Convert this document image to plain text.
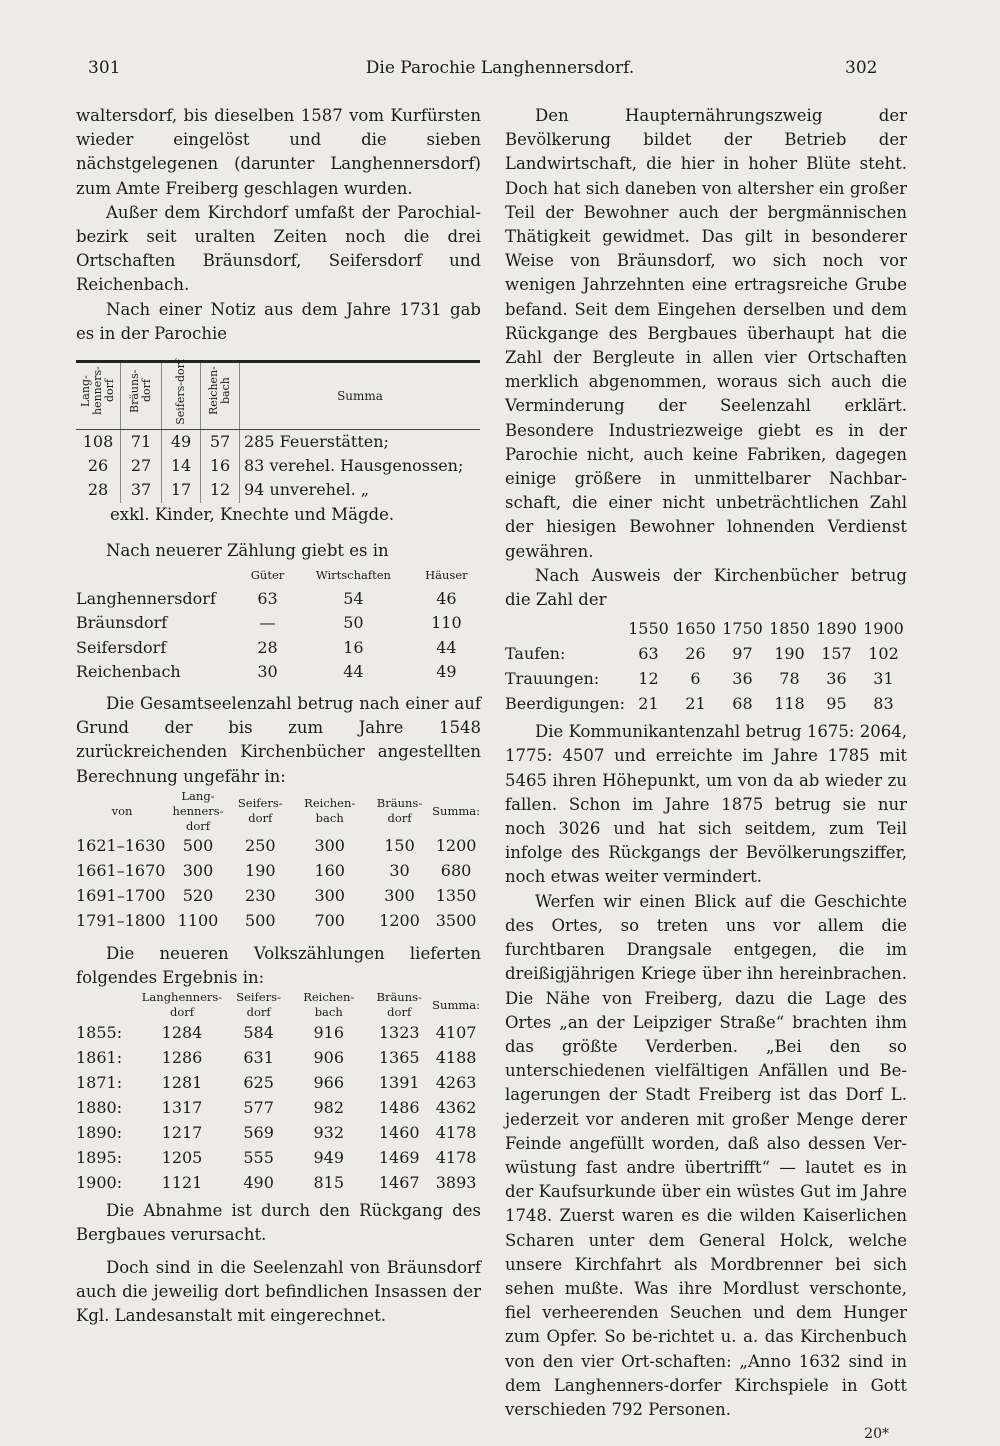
301	Die Parochie Langhennersdorf.	302

waltersdorf, bis dieselben 1587 vom Kurfürsten wieder eingelöst und die sieben nächstgelegenen (darunter Langhennersdorf) zum Amte Freiberg geschlagen wurden.

Außer dem Kirchdorf umfaßt der Parochial-bezirk seit uralten Zeiten noch die drei Ortschaften Bräunsdorf, Seifersdorf und Reichenbach.

Nach einer Notiz aus dem Jahre 1731 gab es in der Parochie

Lang-henners-dorf	Bräuns-dorf	Seifers-dorf	Reichen-bach	Summa
108	71	49	57	285 Feuerstätten;
26	27	14	16	83 verehel. Hausgenossen;
28	37	17	12	94 unverehel. „

exkl. Kinder, Knechte und Mägde.

Nach neuerer Zählung giebt es in

	Güter	Wirtschaften	Häuser
Langhennersdorf	63	54	46
Bräunsdorf	—	50	110
Seifersdorf	28	16	44
Reichenbach	30	44	49

Die Gesamtseelenzahl betrug nach einer auf Grund der bis zum Jahre 1548 zurückreichenden Kirchenbücher angestellten Berechnung ungefähr in:

von	Lang-henners-dorf	Seifers-dorf	Reichen-bach	Bräuns-dorf	Summa:
1621–1630	500	250	300	150	1200
1661–1670	300	190	160	30	680
1691–1700	520	230	300	300	1350
1791–1800	1100	500	700	1200	3500

Die neueren Volkszählungen lieferten folgendes Ergebnis in:

	Langhenners-dorf	Seifers-dorf	Reichen-bach	Bräuns-dorf	Summa:
1855:	1284	584	916	1323	4107
1861:	1286	631	906	1365	4188
1871:	1281	625	966	1391	4263
1880:	1317	577	982	1486	4362
1890:	1217	569	932	1460	4178
1895:	1205	555	949	1469	4178
1900:	1121	490	815	1467	3893

Die Abnahme ist durch den Rückgang des Bergbaues verursacht.

Doch sind in die Seelenzahl von Bräunsdorf auch die jeweilig dort befindlichen Insassen der Kgl. Landesanstalt mit eingerechnet.

Den Haupternährungszweig der Bevölkerung bildet der Betrieb der Landwirtschaft, die hier in hoher Blüte steht. Doch hat sich daneben von altersher ein großer Teil der Bewohner auch der bergmännischen Thätigkeit gewidmet. Das gilt in besonderer Weise von Bräunsdorf, wo sich noch vor wenigen Jahrzehnten eine ertragsreiche Grube befand. Seit dem Eingehen derselben und dem Rückgange des Bergbaues überhaupt hat die Zahl der Bergleute in allen vier Ortschaften merklich abgenommen, woraus sich auch die Verminderung der Seelenzahl erklärt. Besondere Industriezweige giebt es in der Parochie nicht, auch keine Fabriken, dagegen einige größere in unmittelbarer Nachbar-schaft, die einer nicht unbeträchtlichen Zahl der hiesigen Bewohner lohnenden Verdienst gewähren.

Nach Ausweis der Kirchenbücher betrug die Zahl der

	1550	1650	1750	1850	1890	1900
Taufen:	63	26	97	190	157	102
Trauungen:	12	6	36	78	36	31
Beerdigungen:	21	21	68	118	95	83

Die Kommunikantenzahl betrug 1675: 2064, 1775: 4507 und erreichte im Jahre 1785 mit 5465 ihren Höhepunkt, um von da ab wieder zu fallen. Schon im Jahre 1875 betrug sie nur noch 3026 und hat sich seitdem, zum Teil infolge des Rückgangs der Bevölkerungsziffer, noch etwas weiter vermindert.

Werfen wir einen Blick auf die Geschichte des Ortes, so treten uns vor allem die furchtbaren Drangsale entgegen, die im dreißigjährigen Kriege über ihn hereinbrachen. Die Nähe von Freiberg, dazu die Lage des Ortes „an der Leipziger Straße“ brachten ihm das größte Verderben. „Bei den so unterschiedenen vielfältigen Anfällen und Be-lagerungen der Stadt Freiberg ist das Dorf L. jederzeit vor anderen mit großer Menge derer Feinde angefüllt worden, daß also dessen Ver-wüstung fast andre übertrifft“ — lautet es in der Kaufsurkunde über ein wüstes Gut im Jahre 1748. Zuerst waren es die wilden Kaiserlichen Scharen unter dem General Holck, welche unsere Kirchfahrt als Mordbrenner bei sich sehen mußte. Was ihre Mordlust verschonte, fiel verheerenden Seuchen und dem Hunger zum Opfer. So be-richtet u. a. das Kirchenbuch von den vier Ort-schaften: „Anno 1632 sind in dem Langhenners-dorfer Kirchspiele in Gott verschieden 792 Personen.

20*
